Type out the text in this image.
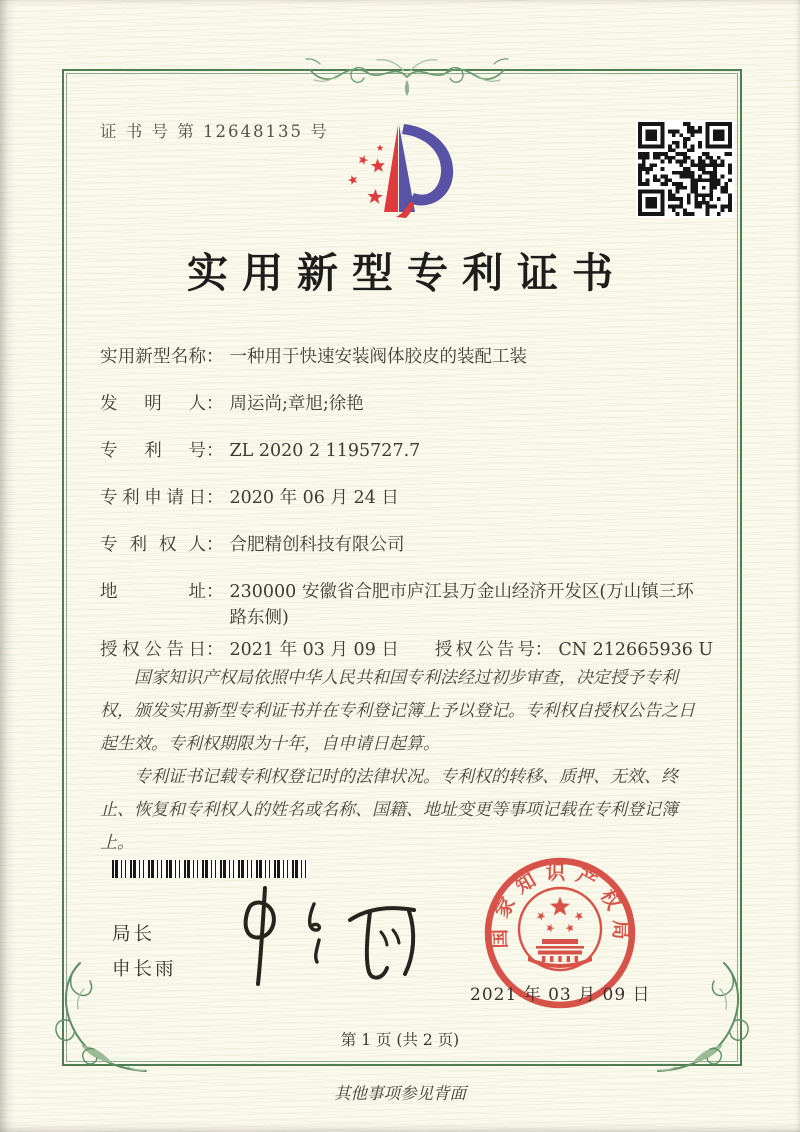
证 书 号 第 12648135 号
实用新型专利证书
实用新型名称 ： 一种用于快速安装阀体胶皮的装配工装
发明人 ： 周运尚;章旭;徐艳
专利号 ： ZL 2020 2 1195727.7
专利申请日 ： 2020 年 06 月 24 日
专利权人 ： 合肥精创科技有限公司
地址 ： 230000 安徽省合肥市庐江县万金山经济开发区(万山镇三环路东侧)
授权公告日 ： 2021 年 03 月 09 日 授权公告号 ： CN 212665936 U

国家知识产权局依照中华人民共和国专利法经过初步审查，决定授予专利权，颁发实用新型专利证书并在专利登记簿上予以登记。专利权自授权公告之日起生效。专利权期限为十年，自申请日起算。

专利证书记载专利权登记时的法律状况。专利权的转移、质押、无效、终止、恢复和专利权人的姓名或名称、国籍、地址变更等事项记载在专利登记簿上。

局长
申长雨
国家知识产权局
2021 年 03 月 09 日
第 1 页 (共 2 页)
其他事项参见背面
